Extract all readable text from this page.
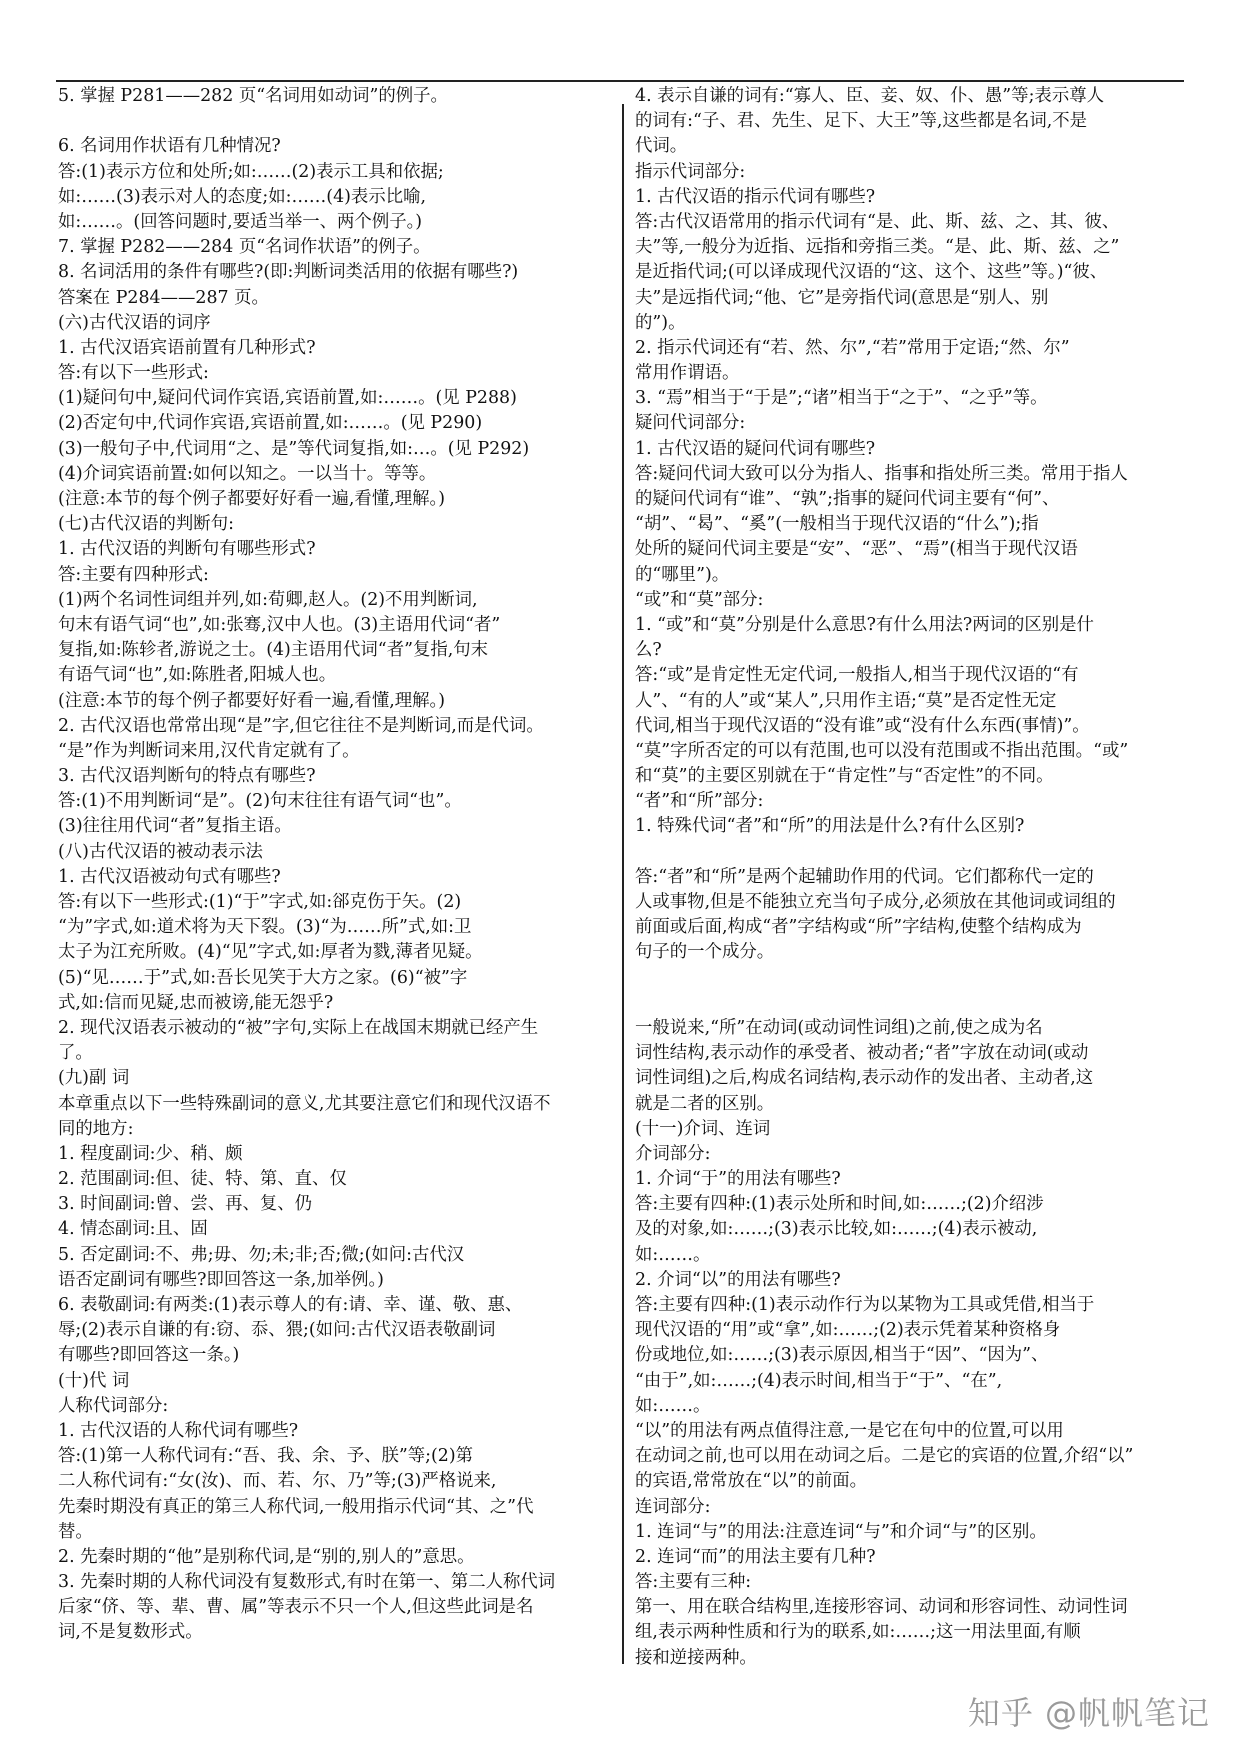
5. 掌握 P281——282 页“名词用如动词”的例子。
6. 名词用作状语有几种情况?
答:(1)表示方位和处所;如:……(2)表示工具和依据;
如:……(3)表示对人的态度;如:……(4)表示比喻,
如:……。(回答问题时,要适当举一、两个例子。)
7. 掌握 P282——284 页“名词作状语”的例子。
8. 名词活用的条件有哪些?(即:判断词类活用的依据有哪些?)
答案在 P284——287 页。
(六)古代汉语的词序
1. 古代汉语宾语前置有几种形式?
答:有以下一些形式:
(1)疑问句中,疑问代词作宾语,宾语前置,如:……。(见 P288)
(2)否定句中,代词作宾语,宾语前置,如:……。(见 P290)
(3)一般句子中,代词用“之、是”等代词复指,如:…。(见 P292)
(4)介词宾语前置:如何以知之。一以当十。等等。
(注意:本节的每个例子都要好好看一遍,看懂,理解。)
(七)古代汉语的判断句:
1. 古代汉语的判断句有哪些形式?
答:主要有四种形式:
(1)两个名词性词组并列,如:荀卿,赵人。(2)不用判断词,
句末有语气词“也”,如:张骞,汉中人也。(3)主语用代词“者”
复指,如:陈轸者,游说之士。(4)主语用代词“者”复指,句末
有语气词“也”,如:陈胜者,阳城人也。
(注意:本节的每个例子都要好好看一遍,看懂,理解。)
2. 古代汉语也常常出现“是”字,但它往往不是判断词,而是代词。
“是”作为判断词来用,汉代肯定就有了。
3. 古代汉语判断句的特点有哪些?
答:(1)不用判断词“是”。(2)句末往往有语气词“也”。
(3)往往用代词“者”复指主语。
(八)古代汉语的被动表示法
1. 古代汉语被动句式有哪些?
答:有以下一些形式:(1)“于”字式,如:郤克伤于矢。(2)
“为”字式,如:道术将为天下裂。(3)“为……所”式,如:卫
太子为江充所败。(4)“见”字式,如:厚者为戮,薄者见疑。
(5)“见……于”式,如:吾长见笑于大方之家。(6)“被”字
式,如:信而见疑,忠而被谤,能无怨乎?
2. 现代汉语表示被动的“被”字句,实际上在战国末期就已经产生
了。
(九)副 词
本章重点以下一些特殊副词的意义,尤其要注意它们和现代汉语不
同的地方:
1. 程度副词:少、稍、颇
2. 范围副词:但、徒、特、第、直、仅
3. 时间副词:曾、尝、再、复、仍
4. 情态副词:且、固
5. 否定副词:不、弗;毋、勿;未;非;否;微;(如问:古代汉
语否定副词有哪些?即回答这一条,加举例。)
6. 表敬副词:有两类:(1)表示尊人的有:请、幸、谨、敬、惠、
辱;(2)表示自谦的有:窃、忝、猥;(如问:古代汉语表敬副词
有哪些?即回答这一条。)
(十)代 词
人称代词部分:
1. 古代汉语的人称代词有哪些?
答:(1)第一人称代词有:“吾、我、余、予、朕”等;(2)第
二人称代词有:“女(汝)、而、若、尔、乃”等;(3)严格说来,
先秦时期没有真正的第三人称代词,一般用指示代词“其、之”代
替。
2. 先秦时期的“他”是别称代词,是“别的,别人的”意思。
3. 先秦时期的人称代词没有复数形式,有时在第一、第二人称代词
后家“侪、等、辈、曹、属”等表示不只一个人,但这些此词是名
词,不是复数形式。
4. 表示自谦的词有:“寡人、臣、妾、奴、仆、愚”等;表示尊人
的词有:“子、君、先生、足下、大王”等,这些都是名词,不是
代词。
指示代词部分:
1. 古代汉语的指示代词有哪些?
答:古代汉语常用的指示代词有“是、此、斯、兹、之、其、彼、
夫”等,一般分为近指、远指和旁指三类。“是、此、斯、兹、之”
是近指代词;(可以译成现代汉语的“这、这个、这些”等。)“彼、
夫”是远指代词;“他、它”是旁指代词(意思是“别人、别
的”)。
2. 指示代词还有“若、然、尔”,“若”常用于定语;“然、尔”
常用作谓语。
3. “焉”相当于“于是”;“诸”相当于“之于”、“之乎”等。
疑问代词部分:
1. 古代汉语的疑问代词有哪些?
答:疑问代词大致可以分为指人、指事和指处所三类。常用于指人
的疑问代词有“谁”、“孰”;指事的疑问代词主要有“何”、
“胡”、“曷”、“奚”(一般相当于现代汉语的“什么”);指
处所的疑问代词主要是“安”、“恶”、“焉”(相当于现代汉语
的“哪里”)。
“或”和“莫”部分:
1. “或”和“莫”分别是什么意思?有什么用法?两词的区别是什
么?
答:“或”是肯定性无定代词,一般指人,相当于现代汉语的“有
人”、“有的人”或“某人”,只用作主语;“莫”是否定性无定
代词,相当于现代汉语的“没有谁”或“没有什么东西(事情)”。
“莫”字所否定的可以有范围,也可以没有范围或不指出范围。“或”
和“莫”的主要区别就在于“肯定性”与“否定性”的不同。
“者”和“所”部分:
1. 特殊代词“者”和“所”的用法是什么?有什么区别?
答:“者”和“所”是两个起辅助作用的代词。它们都称代一定的
人或事物,但是不能独立充当句子成分,必须放在其他词或词组的
前面或后面,构成“者”字结构或“所”字结构,使整个结构成为
句子的一个成分。
一般说来,“所”在动词(或动词性词组)之前,使之成为名
词性结构,表示动作的承受者、被动者;“者”字放在动词(或动
词性词组)之后,构成名词结构,表示动作的发出者、主动者,这
就是二者的区别。
(十一)介词、连词
介词部分:
1. 介词“于”的用法有哪些?
答:主要有四种:(1)表示处所和时间,如:……;(2)介绍涉
及的对象,如:……;(3)表示比较,如:……;(4)表示被动,
如:……。
2. 介词“以”的用法有哪些?
答:主要有四种:(1)表示动作行为以某物为工具或凭借,相当于
现代汉语的“用”或“拿”,如:……;(2)表示凭着某种资格身
份或地位,如:……;(3)表示原因,相当于“因”、“因为”、
“由于”,如:……;(4)表示时间,相当于“于”、“在”,
如:……。
“以”的用法有两点值得注意,一是它在句中的位置,可以用
在动词之前,也可以用在动词之后。二是它的宾语的位置,介绍“以”
的宾语,常常放在“以”的前面。
连词部分:
1. 连词“与”的用法:注意连词“与”和介词“与”的区别。
2. 连词“而”的用法主要有几种?
答:主要有三种:
第一、用在联合结构里,连接形容词、动词和形容词性、动词性词
组,表示两种性质和行为的联系,如:……;这一用法里面,有顺
接和逆接两种。
知乎 @帆帆笔记
